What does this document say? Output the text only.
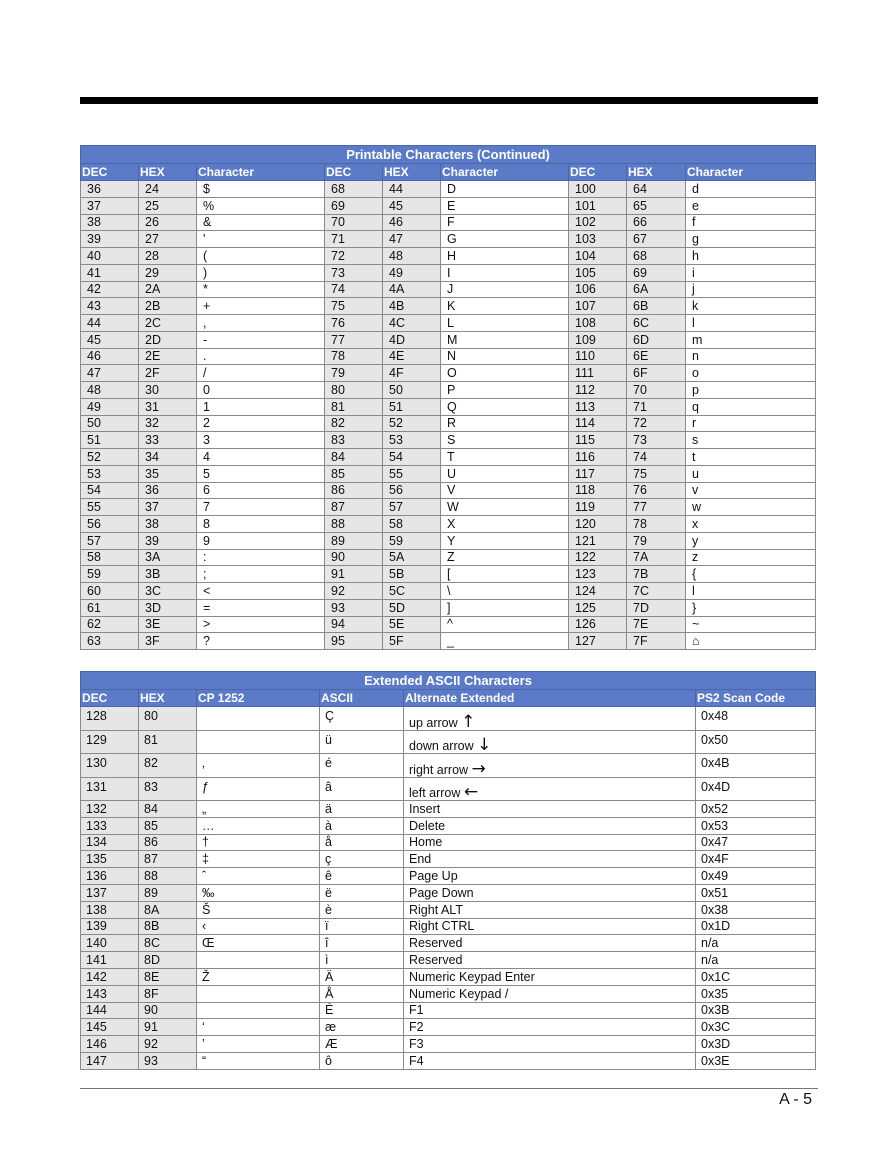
Printable Characters (Continued)								
DEC	HEX	Character	DEC	HEX	Character	DEC	HEX	Character
36	24	$	68	44	D	100	64	d
37	25	%	69	45	E	101	65	e
38	26	&	70	46	F	102	66	f
39	27	'	71	47	G	103	67	g
40	28	(	72	48	H	104	68	h
41	29	)	73	49	I	105	69	i
42	2A	*	74	4A	J	106	6A	j
43	2B	+	75	4B	K	107	6B	k
44	2C	,	76	4C	L	108	6C	l
45	2D	-	77	4D	M	109	6D	m
46	2E	.	78	4E	N	110	6E	n
47	2F	/	79	4F	O	111	6F	o
48	30	0	80	50	P	112	70	p
49	31	1	81	51	Q	113	71	q
50	32	2	82	52	R	114	72	r
51	33	3	83	53	S	115	73	s
52	34	4	84	54	T	116	74	t
53	35	5	85	55	U	117	75	u
54	36	6	86	56	V	118	76	v
55	37	7	87	57	W	119	77	w
56	38	8	88	58	X	120	78	x
57	39	9	89	59	Y	121	79	y
58	3A	:	90	5A	Z	122	7A	z
59	3B	;	91	5B	[	123	7B	{
60	3C	<	92	5C	\	124	7C	l
61	3D	=	93	5D	]	125	7D	}
62	3E	>	94	5E	^	126	7E	~
63	3F	?	95	5F	_	127	7F	⌂
Extended ASCII Characters					
DEC	HEX	CP 1252	ASCII	Alternate Extended	PS2 Scan Code
128	80		Ç	up arrow ↑	0x48
129	81		ü	down arrow ↓	0x50
130	82	‚	é	right arrow →	0x4B
131	83	ƒ	â	left arrow ←	0x4D
132	84	„	ä	Insert	0x52
133	85	…	à	Delete	0x53
134	86	†	å	Home	0x47
135	87	‡	ç	End	0x4F
136	88	ˆ	ê	Page Up	0x49
137	89	‰	ë	Page Down	0x51
138	8A	Š	è	Right ALT	0x38
139	8B	‹	ï	Right CTRL	0x1D
140	8C	Œ	î	Reserved	n/a
141	8D		ì	Reserved	n/a
142	8E	Ž	Ä	Numeric Keypad Enter	0x1C
143	8F		Å	Numeric Keypad /	0x35
144	90		É	F1	0x3B
145	91	‘	æ	F2	0x3C
146	92	’	Æ	F3	0x3D
147	93	“	ô	F4	0x3E
A - 5
